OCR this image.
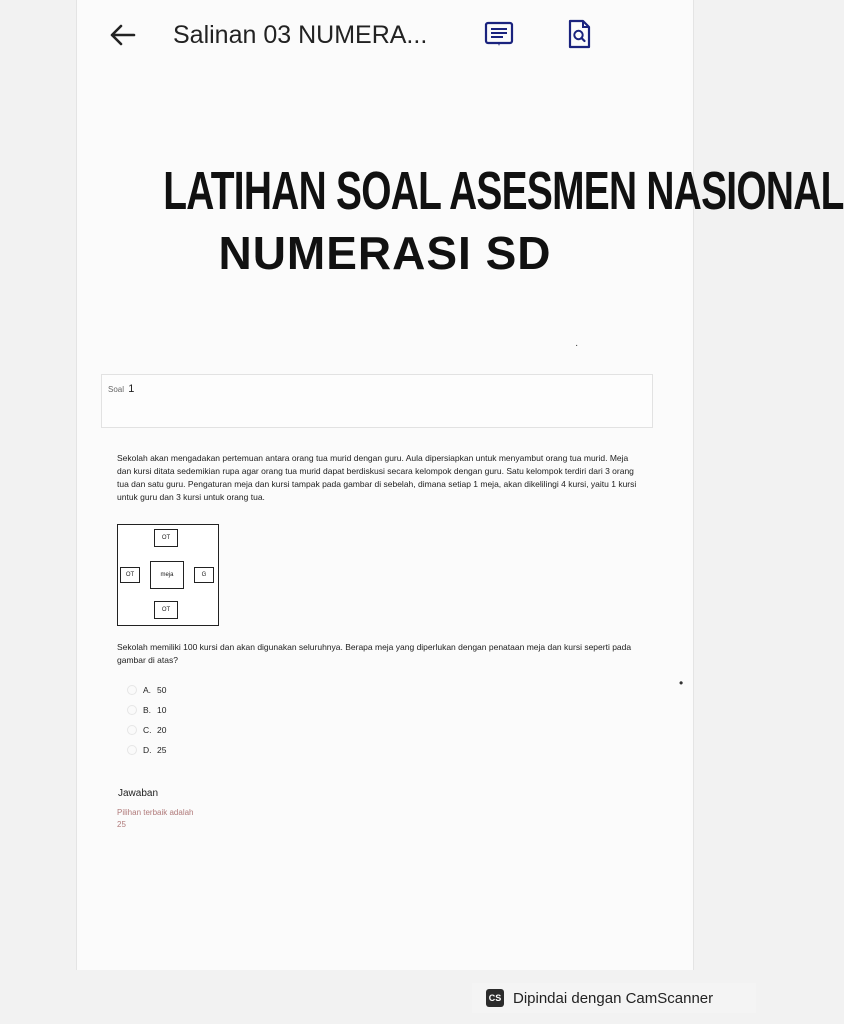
Salinan 03 NUMERA...
LATIHAN SOAL ASESMEN NASIONAL
NUMERASI SD
·
Soal 1
Sekolah akan mengadakan pertemuan antara orang tua murid dengan guru. Aula dipersiapkan untuk menyambut orang tua murid. Meja dan kursi ditata sedemikian rupa agar orang tua murid dapat berdiskusi secara kelompok dengan guru. Satu kelompok terdiri dari 3 orang tua dan satu guru. Pengaturan meja dan kursi tampak pada gambar di sebelah, dimana setiap 1 meja, akan dikelilingi 4 kursi, yaitu 1 kursi untuk guru dan 3 kursi untuk orang tua.
OT
OT	meja	G
OT
Sekolah memiliki 100 kursi dan akan digunakan seluruhnya. Berapa meja yang diperlukan dengan penataan meja dan kursi seperti pada gambar di atas?
•
A. 50
B. 10
C. 20
D. 25
Jawaban
Pilihan terbaik adalah
25
CS Dipindai dengan CamScanner
